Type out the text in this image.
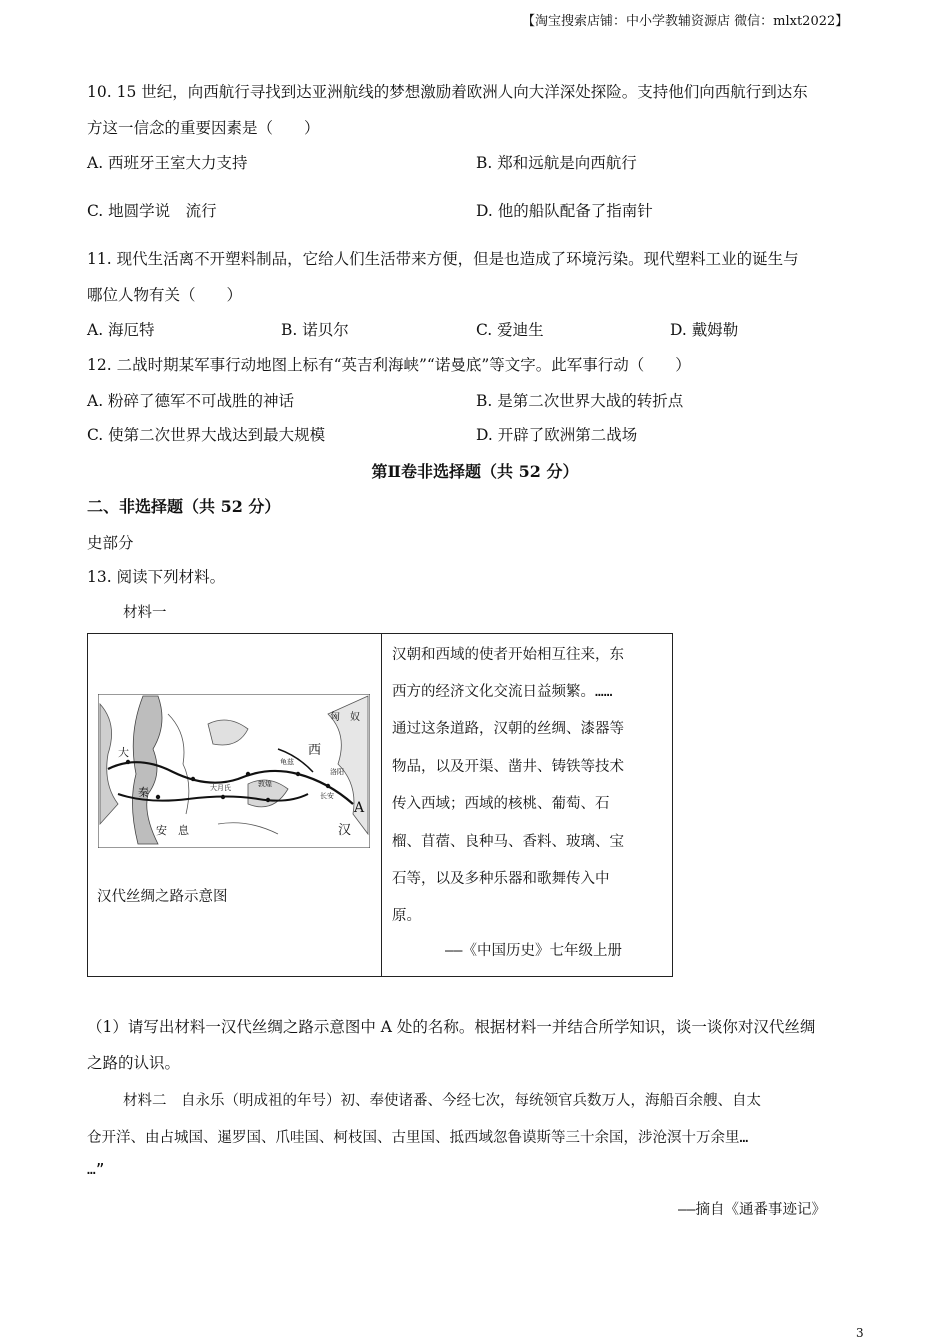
【淘宝搜索店铺：中小学教辅资源店 微信：mlxt2022】
10. 15 世纪，向西航行寻找到达亚洲航线的梦想激励着欧洲人向大洋深处探险。支持他们向西航行到达东
方这一信念的重要因素是（　　）
A. 西班牙王室大力支持	B. 郑和远航是向西航行
C. 地圆学说　流行	D. 他的船队配备了指南针
11. 现代生活离不开塑料制品，它给人们生活带来方便，但是也造成了环境污染。现代塑料工业的诞生与
哪位人物有关（　　）
A. 海厄特	B. 诺贝尔	C. 爱迪生	D. 戴姆勒
12. 二战时期某军事行动地图上标有“英吉利海峡”“诺曼底”等文字。此军事行动（　　）
A. 粉碎了德军不可战胜的神话	B. 是第二次世界大战的转折点
C. 使第二次世界大战达到最大规模	D. 开辟了欧洲第二战场
第Ⅱ卷非选择题（共 52 分）
二、非选择题（共 52 分）
史部分
13. 阅读下列材料。
材料一
匈 奴
西
汉
A
大
秦
安　息
大月氏
龟兹
敦煌
长安
洛阳
汉代丝绸之路示意图
汉朝和西域的使者开始相互往来，东
西方的经济文化交流日益频繁。……
通过这条道路，汉朝的丝绸、漆器等
物品，以及开渠、凿井、铸铁等技术
传入西域；西域的核桃、葡萄、石
榴、苜蓿、良种马、香料、玻璃、宝
石等，以及多种乐器和歌舞传入中
原。
——《中国历史》七年级上册
（1）请写出材料一汉代丝绸之路示意图中 A 处的名称。根据材料一并结合所学知识，谈一谈你对汉代丝绸
之路的认识。
材料二　自永乐（明成祖的年号）初、奉使诸番、今经七次，每统领官兵数万人，海船百余艘、自太
仓开洋、由占城国、暹罗国、爪哇国、柯枝国、古里国、抵西域忽鲁谟斯等三十余国，涉沧溟十万余里…
…”
——摘自《通番事迹记》
3
